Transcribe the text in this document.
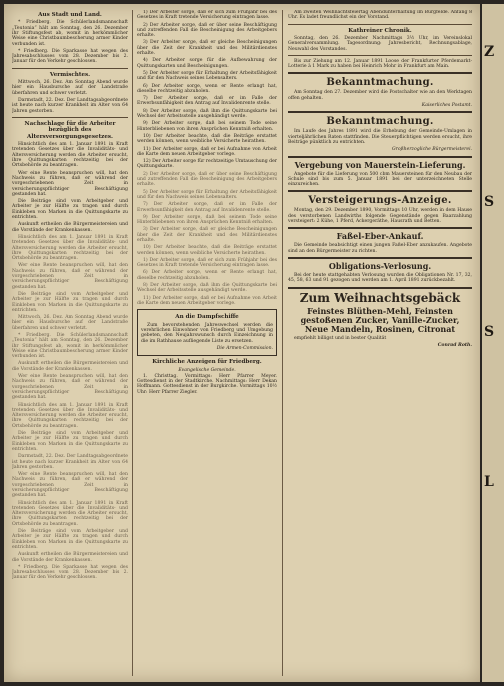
Aus Stadt und Land.
* Friedberg. Die Schülerlandsmannschaft „Teutonia“ hält am Sonntag, den 26. Dezember ihr Stiftungsfest ab, womit in herkömmlicher Weise eine Christbaumbescherung armer Kinder verbunden ist.
* Friedberg. Die Sparkasse hat wegen des Jahresabschlusses vom 28. Dezember bis 2. Januar für den Verkehr geschlossen.
Vermischtes.
Mittwoch, 26. Dez. Am Sonntag Abend wurde hier ein Hausbursche auf der Landstraße überfahren und schwer verletzt.
Darmstadt, 22. Dez. Der Landtagsabgeordnete ist heute nach kurzer Krankheit im Alter von 64 Jahren gestorben.
Nachschlage für die Arbeiter bezüglich des Altersversorgungsgesetzes.
Hinsichtlich des am 1. Januar 1891 in Kraft tretenden Gesetzes über die Invaliditäts- und Altersversicherung werden die Arbeiter ersucht, ihre Quittungskarten rechtzeitig bei der Ortsbehörde zu beantragen.
Wer eine Rente beanspruchen will, hat den Nachweis zu führen, daß er während der vorgeschriebenen Zeit in versicherungspflichtiger Beschäftigung gestanden hat.
Die Beiträge sind vom Arbeitgeber und Arbeiter je zur Hälfte zu tragen und durch Einkleben von Marken in die Quittungskarte zu entrichten.
Auskunft ertheilen die Bürgermeistereien und die Vorstände der Krankenkassen.
Hinsichtlich des am 1. Januar 1891 in Kraft tretenden Gesetzes über die Invaliditäts- und Altersversicherung werden die Arbeiter ersucht, ihre Quittungskarten rechtzeitig bei der Ortsbehörde zu beantragen.
Wer eine Rente beanspruchen will, hat den Nachweis zu führen, daß er während der vorgeschriebenen Zeit in versicherungspflichtiger Beschäftigung gestanden hat.
Die Beiträge sind vom Arbeitgeber und Arbeiter je zur Hälfte zu tragen und durch Einkleben von Marken in die Quittungskarte zu entrichten.
Mittwoch, 26. Dez. Am Sonntag Abend wurde hier ein Hausbursche auf der Landstraße überfahren und schwer verletzt.
* Friedberg. Die Schülerlandsmannschaft „Teutonia“ hält am Sonntag, den 26. Dezember ihr Stiftungsfest ab, womit in herkömmlicher Weise eine Christbaumbescherung armer Kinder verbunden ist.
Auskunft ertheilen die Bürgermeistereien und die Vorstände der Krankenkassen.
Wer eine Rente beanspruchen will, hat den Nachweis zu führen, daß er während der vorgeschriebenen Zeit in versicherungspflichtiger Beschäftigung gestanden hat.
Hinsichtlich des am 1. Januar 1891 in Kraft tretenden Gesetzes über die Invaliditäts- und Altersversicherung werden die Arbeiter ersucht, ihre Quittungskarten rechtzeitig bei der Ortsbehörde zu beantragen.
Die Beiträge sind vom Arbeitgeber und Arbeiter je zur Hälfte zu tragen und durch Einkleben von Marken in die Quittungskarte zu entrichten.
Darmstadt, 22. Dez. Der Landtagsabgeordnete ist heute nach kurzer Krankheit im Alter von 64 Jahren gestorben.
Wer eine Rente beanspruchen will, hat den Nachweis zu führen, daß er während der vorgeschriebenen Zeit in versicherungspflichtiger Beschäftigung gestanden hat.
Hinsichtlich des am 1. Januar 1891 in Kraft tretenden Gesetzes über die Invaliditäts- und Altersversicherung werden die Arbeiter ersucht, ihre Quittungskarten rechtzeitig bei der Ortsbehörde zu beantragen.
Die Beiträge sind vom Arbeitgeber und Arbeiter je zur Hälfte zu tragen und durch Einkleben von Marken in die Quittungskarte zu entrichten.
Auskunft ertheilen die Bürgermeistereien und die Vorstände der Krankenkassen.
* Friedberg. Die Sparkasse hat wegen des Jahresabschlusses vom 28. Dezember bis 2. Januar für den Verkehr geschlossen.
1) Der Arbeiter sorge, daß er sich zum Frühjahr bei des Gesetzes in Kraft tretende Versicherung eintragen lasse.
2) Der Arbeiter sorge, daß er über seine Beschäftigung und zutreffenden Fall die Bescheinigung des Arbeitgebers erhalte.
3) Der Arbeiter sorge, daß er gleiche Bescheinigungen über die Zeit der Krankheit und des Militärdienstes erhalte.
4) Der Arbeiter sorge für die Aufbewahrung der Quittungskarten und Bescheinigungen.
5) Der Arbeiter sorge für Erhaltung der Arbeitsfähigkeit und für den Nachweis seines Lebensalters.
6) Der Arbeiter sorge, wenn er Rente erlangt hat, dieselbe rechtzeitig abzuholen.
7) Der Arbeiter sorge, daß er im Falle der Erwerbsunfähigkeit den Antrag auf Invalidenrente stelle.
8) Der Arbeiter sorge, daß ihm die Quittungskarte bei Wechsel der Arbeitsstelle ausgehändigt werde.
9) Der Arbeiter sorge, daß bei seinem Tode seine Hinterbliebenen von ihren Ansprüchen Kenntniß erhalten.
10) Der Arbeiter beachte, daß die Beiträge erstattet werden können, wenn weibliche Versicherte heirathen.
11) Der Arbeiter sorge, daß er bei Aufnahme von Arbeit die Karte dem neuen Arbeitgeber vorlege.
12) Der Arbeiter sorge für rechtzeitige Umtauschung der Quittungskarte.
2) Der Arbeiter sorge, daß er über seine Beschäftigung und zutreffenden Fall die Bescheinigung des Arbeitgebers erhalte.
5) Der Arbeiter sorge für Erhaltung der Arbeitsfähigkeit und für den Nachweis seines Lebensalters.
7) Der Arbeiter sorge, daß er im Falle der Erwerbsunfähigkeit den Antrag auf Invalidenrente stelle.
9) Der Arbeiter sorge, daß bei seinem Tode seine Hinterbliebenen von ihren Ansprüchen Kenntniß erhalten.
3) Der Arbeiter sorge, daß er gleiche Bescheinigungen über die Zeit der Krankheit und des Militärdienstes erhalte.
10) Der Arbeiter beachte, daß die Beiträge erstattet werden können, wenn weibliche Versicherte heirathen.
1) Der Arbeiter sorge, daß er sich zum Frühjahr bei des Gesetzes in Kraft tretende Versicherung eintragen lasse.
6) Der Arbeiter sorge, wenn er Rente erlangt hat, dieselbe rechtzeitig abzuholen.
8) Der Arbeiter sorge, daß ihm die Quittungskarte bei Wechsel der Arbeitsstelle ausgehändigt werde.
11) Der Arbeiter sorge, daß er bei Aufnahme von Arbeit die Karte dem neuen Arbeitgeber vorlege.
An die Dampfschiffe
Zum bevorstehenden Jahreswechsel werden die verehrlichen Einwohner von Friedberg und Umgebung gebeten, den Neujahrswunsch durch Einzeichnung in die im Rathhause aufliegende Liste zu ersetzen.
Die Armen-Commission.
Kirchliche Anzeigen für Friedberg.
Evangelische Gemeinde.
1. Christtag. Vormittags: Herr Pfarrer Meyer. Gottesdienst in der Stadtkirche. Nachmittags: Herr Dekan Hoffmann. Gottesdienst in der Burgkirche. Vormittags 10½ Uhr: Herr Pfarrer Ziegler.
Am zweiten Weihnachtsfeiertag Abendunterhaltung im Burgfelde. Anfang 8 Uhr. Es ladet freundlichst ein der Vorstand.
Kathreiner Chronik.
Sonntag, den 26. Dezember Nachmittags 3½ Uhr, im Vereinslokal Generalversammlung. Tagesordnung: Jahresbericht, Rechnungsablage, Neuwahl des Vorstandes.
Bis zur Ziehung am 12. Januar 1891 Loose der Frankfurter Pferdemarkt-Lotterie à 1 Mark zu haben bei Heinrich Mohr in Frankfurt am Main.
Bekanntmachung.
Am Sonntag den 27. Dezember wird die Postschalter wie an den Werktagen offen gehalten.
Kaiserliches Postamt.
Bekanntmachung.
Im Laufe des Jahres 1891 wird die Erhebung der Gemeinde-Umlagen in vierteljährlichen Raten stattfinden. Die Steuerpflichtigen werden ersucht, ihre Beiträge pünktlich zu entrichten.
Großherzogliche Bürgermeisterei.
Vergebung von Mauerstein-Lieferung.
Angebote für die Lieferung von 500 cbm Mauersteinen für den Neubau der Schule sind bis zum 5. Januar 1891 bei der unterzeichneten Stelle einzureichen.
Versteigerungs-Anzeige.
Montag, den 29. Dezember 1890, Vormittags 10 Uhr, werden in dem Hause des verstorbenen Landwirths folgende Gegenstände gegen Baarzahlung versteigert: 2 Kühe, 1 Pferd, Ackergeräthe, Hausrath und Betten.
Faßel-Eber-Ankauf.
Die Gemeinde beabsichtigt einen jungen Faßel-Eber anzukaufen. Angebote sind an den Bürgermeister zu richten.
Obligations-Verlosung.
Bei der heute stattgehabten Verlosung wurden die Obligationen Nr. 17, 32, 45, 58, 63 und 91 gezogen und werden am 1. April 1891 zurückbezahlt.
Zum Weihnachtsgebäck
Feinstes Blüthen-Mehl, Feinsten gestoßenen Zucker, Vanille-Zucker, Neue Mandeln, Rosinen, Citronat
empfiehlt billigst und in bester Qualität
Conrad Roth.
Z
S
S
L
